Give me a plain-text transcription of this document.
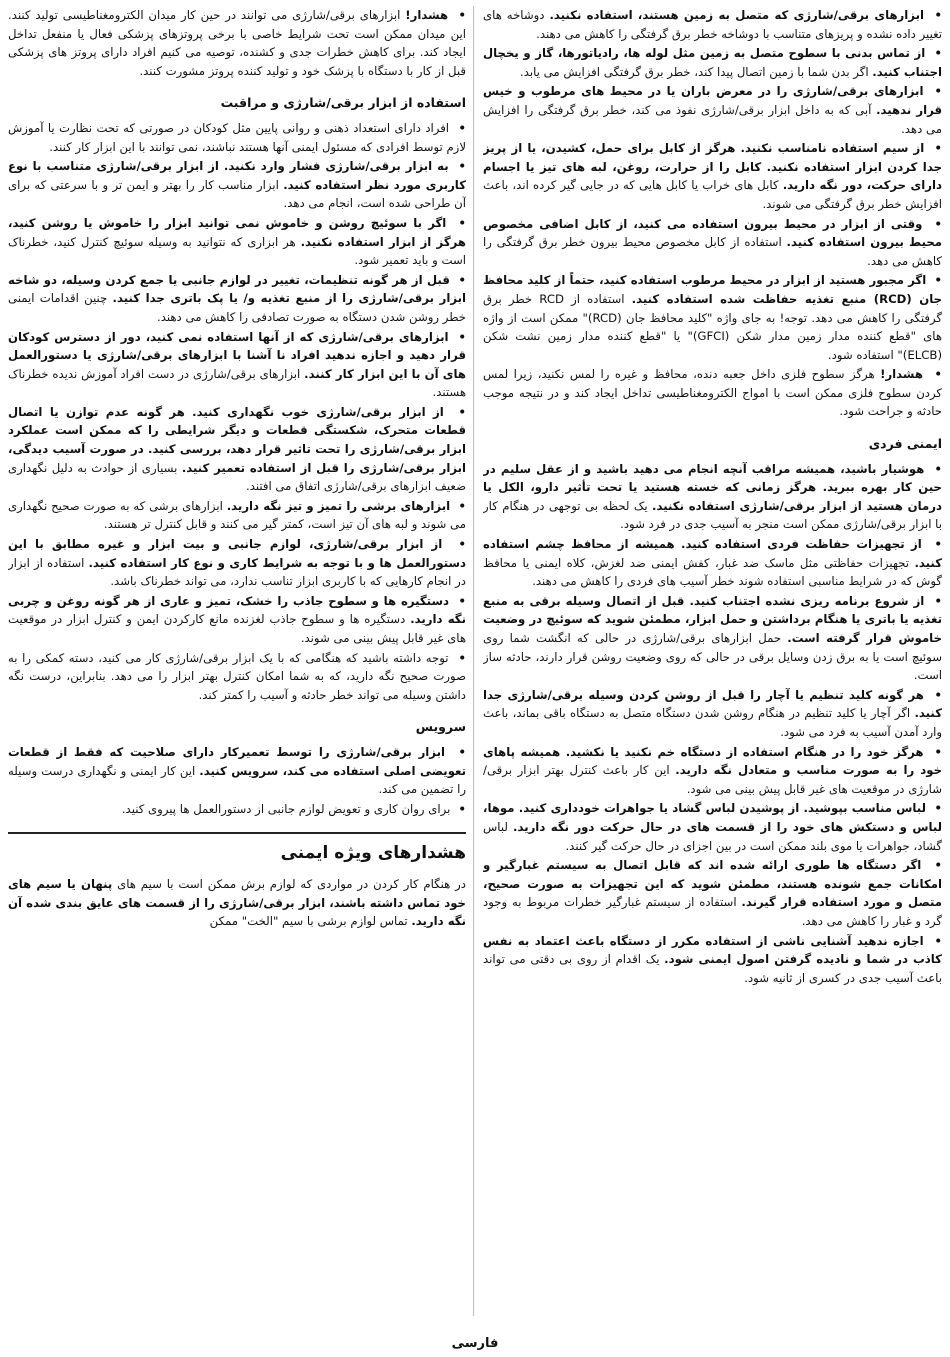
•  ابزارهای برقی/شارژی که متصل به زمین هستند، استفاده نکنید. دوشاخه های تغییر داده نشده و پریزهای متناسب با دوشاخه خطر برق گرفتگی را کاهش می دهند.

•  از تماس بدنی با سطوح متصل به زمین مثل لوله ها، رادیاتورها، گاز و یخچال اجتناب کنید. اگر بدن شما با زمین اتصال پیدا کند، خطر برق گرفتگی افزایش می یابد.

•  ابزارهای برقی/شارژی را در معرض باران یا در محیط های مرطوب و خیس قرار ندهید. آبی که به داخل ابزار برقی/شارژی نفوذ می کند، خطر برق گرفتگی را افزایش می دهد.

•  از سیم استفاده نامناسب نکنید. هرگز از کابل برای حمل، کشیدن، یا از پریز جدا کردن ابزار استفاده نکنید. کابل را از حرارت، روغن، لبه های تیز یا اجسام دارای حرکت، دور نگه دارید. کابل های خراب یا کابل هایی که در جایی گیر کرده اند، باعث افزایش خطر برق گرفتگی می شوند.

•  وقتی از ابزار در محیط بیرون استفاده می کنید، از کابل اضافی مخصوص محیط بیرون استفاده کنید. استفاده از کابل مخصوص محیط بیرون خطر برق گرفتگی را کاهش می دهد.

•  اگر مجبور هستید از ابزار در محیط مرطوب استفاده کنید، حتماً از کلید محافظ جان (RCD) منبع تغذیه حفاظت شده استفاده کنید. استفاده از RCD خطر برق گرفتگی را کاهش می دهد. توجه! به جای واژه "کلید محافظ جان (RCD)" ممکن است از واژه های "قطع کننده مدار زمین مدار شکن (GFCI)" یا "قطع کننده مدار زمین نشت شکن (ELCB)" استفاده شود.

•  هشدار! هرگز سطوح فلزی داخل جعبه دنده، محافظ و غیره را لمس نکنید، زیرا لمس کردن سطوح فلزی ممکن است با امواج الکترومغناطیسی تداخل ایجاد کند و در نتیجه موجب حادثه و جراحت شود.

ایمنی فردی

•  هوشیار باشید، همیشه مراقب آنچه انجام می دهید باشید و از عقل سلیم در حین کار بهره ببرید. هرگز زمانی که خسته هستید یا تحت تأثیر دارو، الکل یا درمان هستید از ابزار برقی/شارژی استفاده نکنید. یک لحظه بی توجهی در هنگام کار با ابزار برقی/شارژی ممکن است منجر به آسیب جدی در فرد شود.

•  از تجهیزات حفاظت فردی استفاده کنید. همیشه از محافظ چشم استفاده کنید. تجهیزات حفاظتی مثل ماسک ضد غبار، کفش ایمنی ضد لغزش، کلاه ایمنی یا محافظ گوش که در شرایط مناسبی استفاده شوند خطر آسیب های فردی را کاهش می دهند.

•  از شروع برنامه ریزی نشده اجتناب کنید. قبل از اتصال وسیله برقی به منبع تغذیه یا باتری یا هنگام برداشتن و حمل ابزار، مطمئن شوید که سوئیچ در وضعیت خاموش قرار گرفته است. حمل ابزارهای برقی/شارژی در حالی که انگشت شما روی سوئیچ است یا به برق زدن وسایل برقی در حالی که روی وضعیت روشن قرار دارند، حادثه ساز است.

•  هر گونه کلید تنظیم یا آچار را قبل از روشن کردن وسیله برقی/شارژی جدا کنید. اگر آچار یا کلید تنظیم در هنگام روشن شدن دستگاه متصل به دستگاه باقی بماند، باعث وارد آمدن آسیب به فرد می شود.

•  هرگز خود را در هنگام استفاده از دستگاه خم نکنید یا نکشید. همیشه پاهای خود را به صورت مناسب و متعادل نگه دارید. این کار باعث کنترل بهتر ابزار برقی/شارژی در موقعیت های غیر قابل پیش بینی می شود.

•  لباس مناسب بپوشید. از پوشیدن لباس گشاد یا جواهرات خودداری کنید. موها، لباس و دستکش های خود را از قسمت های در حال حرکت دور نگه دارید. لباس گشاد، جواهرات یا موی بلند ممکن است در بین اجزای در حال حرکت گیر کنند.

•  اگر دستگاه ها طوری ارائه شده اند که قابل اتصال به سیستم غبارگیر و امکانات جمع شونده هستند، مطمئن شوید که این تجهیزات به صورت صحیح، متصل و مورد استفاده قرار گیرند. استفاده از سیستم غبارگیر خطرات مربوط به وجود گرد و غبار را کاهش می دهد.

•  اجازه ندهید آشنایی ناشی از استفاده مکرر از دستگاه باعث اعتماد به نفس کاذب در شما و نادیده گرفتن اصول ایمنی شود. یک اقدام از روی بی دقتی می تواند باعث آسیب جدی در کسری از ثانیه شود.

•  هشدار! ابزارهای برقی/شارژی می توانند در حین کار میدان الکترومغناطیسی تولید کنند. این میدان ممکن است تحت شرایط خاصی با برخی پروتزهای پزشکی فعال یا منفعل تداخل ایجاد کند. برای کاهش خطرات جدی و کشنده، توصیه می کنیم افراد دارای پروتز های پزشکی قبل از کار با دستگاه با پزشک خود و تولید کننده پروتز مشورت کنند.

استفاده از ابزار برقی/شارژی و مراقبت

•  افراد دارای استعداد ذهنی و روانی پایین مثل کودکان در صورتی که تحت نظارت یا آموزش لازم توسط افرادی که مسئول ایمنی آنها هستند نباشند، نمی توانند با این ابزار کار کنند.

•  به ابزار برقی/شارژی فشار وارد نکنید. از ابزار برقی/شارژی متناسب با نوع کاربری مورد نظر استفاده کنید. ابزار مناسب کار را بهتر و ایمن تر و با سرعتی که برای آن طراحی شده است، انجام می دهد.

•  اگر با سوئیچ روشن و خاموش نمی توانید ابزار را خاموش یا روشن کنید، هرگز از ابزار استفاده نکنید. هر ابزاری که نتوانید به وسیله سوئیچ کنترل کنید، خطرناک است و باید تعمیر شود.

•  قبل از هر گونه تنظیمات، تغییر در لوازم جانبی یا جمع کردن وسیله، دو شاخه ابزار برقی/شارژی را از منبع تغذیه و/ یا پک باتری جدا کنید. چنین اقدامات ایمنی خطر روشن شدن دستگاه به صورت تصادفی را کاهش می دهند.

•  ابزارهای برقی/شارژی که از آنها استفاده نمی کنید، دور از دسترس کودکان قرار دهید و اجازه ندهید افراد نا آشنا با ابزارهای برقی/شارژی یا دستورالعمل های آن با این ابزار کار کنند. ابزارهای برقی/شارژی در دست افراد آموزش ندیده خطرناک هستند.

•  از ابزار برقی/شارژی خوب نگهداری کنید. هر گونه عدم توازن یا اتصال قطعات متحرک، شکستگی قطعات و دیگر شرایطی را که ممکن است عملکرد ابزار برقی/شارژی را تحت تاثیر قرار دهد، بررسی کنید. در صورت آسیب دیدگی، ابزار برقی/شارژی را قبل از استفاده تعمیر کنید. بسیاری از حوادث به دلیل نگهداری ضعیف ابزارهای برقی/شارژی اتفاق می افتند.

•  ابزارهای برشی را تمیز و تیز نگه دارید. ابزارهای برشی که به صورت صحیح نگهداری می شوند و لبه های آن تیز است، کمتر گیر می کنند و قابل کنترل تر هستند.

•  از ابزار برقی/شارژی، لوازم جانبی و بیت ابزار و غیره مطابق با این دستورالعمل ها و با توجه به شرایط کاری و نوع کار استفاده کنید. استفاده از ابزار در انجام کارهایی که با کاربری ابزار تناسب ندارد، می تواند خطرناک باشد.

•  دستگیره ها و سطوح جاذب را خشک، تمیز و عاری از هر گونه روغن و چربی نگه دارید. دستگیره ها و سطوح جاذب لغزنده مانع کارکردن ایمن و کنترل ابزار در موقعیت های غیر قابل پیش بینی می شوند.

•  توجه داشته باشید که هنگامی که با یک ابزار برقی/شارژی کار می کنید، دسته کمکی را به صورت صحیح نگه دارید، که به شما امکان کنترل بهتر ابزار را می دهد. بنابراین، درست نگه داشتن وسیله می تواند خطر حادثه و آسیب را کمتر کند.

سرویس

•  ابزار برقی/شارژی را توسط تعمیرکار دارای صلاحیت که فقط از قطعات تعویضی اصلی استفاده می کند، سرویس کنید. این کار ایمنی و نگهداری درست وسیله را تضمین می کند.

•  برای روان کاری و تعویض لوازم جانبی از دستورالعمل ها پیروی کنید.

هشدارهای ویژه ایمنی

در هنگام کار کردن در مواردی که لوازم برش ممکن است با سیم های پنهان یا سیم های خود تماس داشته باشند، ابزار برقی/شارژی را از قسمت های عایق بندی شده آن نگه دارید. تماس لوازم برشی با سیم "الخت" ممکن

فارسی
